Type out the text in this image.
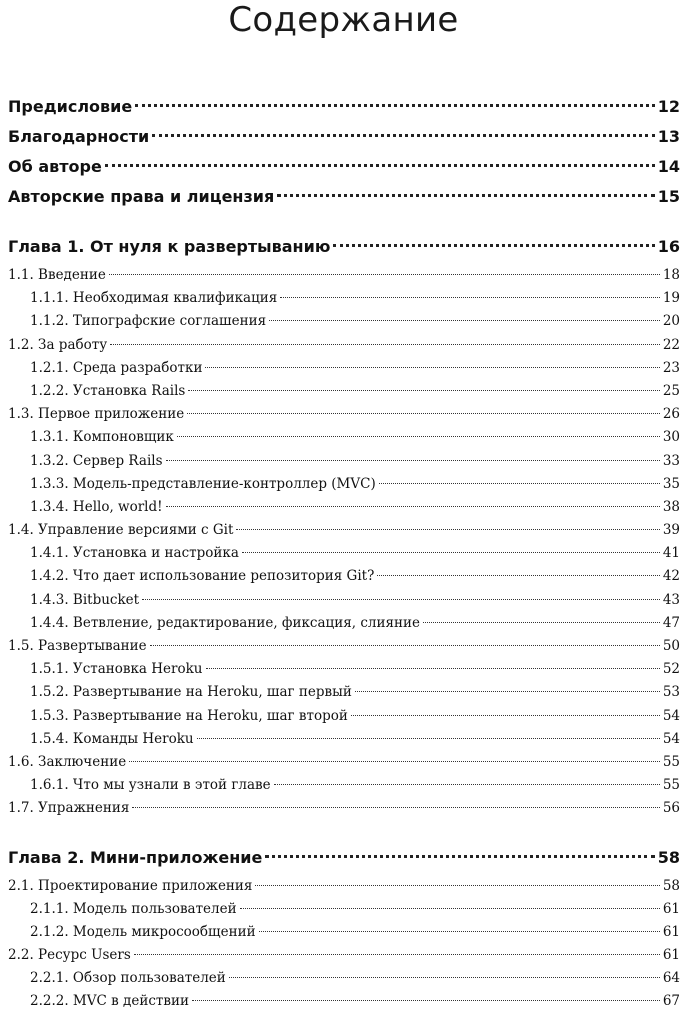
Содержание
Предисловие	12
Благодарности	13
Об авторе	14
Авторские права и лицензия	15
Глава 1. От нуля к развертыванию	16
1.1. Введение	18
1.1.1. Необходимая квалификация	19
1.1.2. Типографские соглашения	20
1.2. За работу	22
1.2.1. Среда разработки	23
1.2.2. Установка Rails	25
1.3. Первое приложение	26
1.3.1. Компоновщик	30
1.3.2. Сервер Rails	33
1.3.3. Модель-представление-контроллер (MVC)	35
1.3.4. Hello, world!	38
1.4. Управление версиями с Git	39
1.4.1. Установка и настройка	41
1.4.2. Что дает использование репозитория Git?	42
1.4.3. Bitbucket	43
1.4.4. Ветвление, редактирование, фиксация, слияние	47
1.5. Развертывание	50
1.5.1. Установка Heroku	52
1.5.2. Развертывание на Heroku, шаг первый	53
1.5.3. Развертывание на Heroku, шаг второй	54
1.5.4. Команды Heroku	54
1.6. Заключение	55
1.6.1. Что мы узнали в этой главе	55
1.7. Упражнения	56
Глава 2. Мини-приложение	58
2.1. Проектирование приложения	58
2.1.1. Модель пользователей	61
2.1.2. Модель микросообщений	61
2.2. Ресурс Users	61
2.2.1. Обзор пользователей	64
2.2.2. MVC в действии	67
